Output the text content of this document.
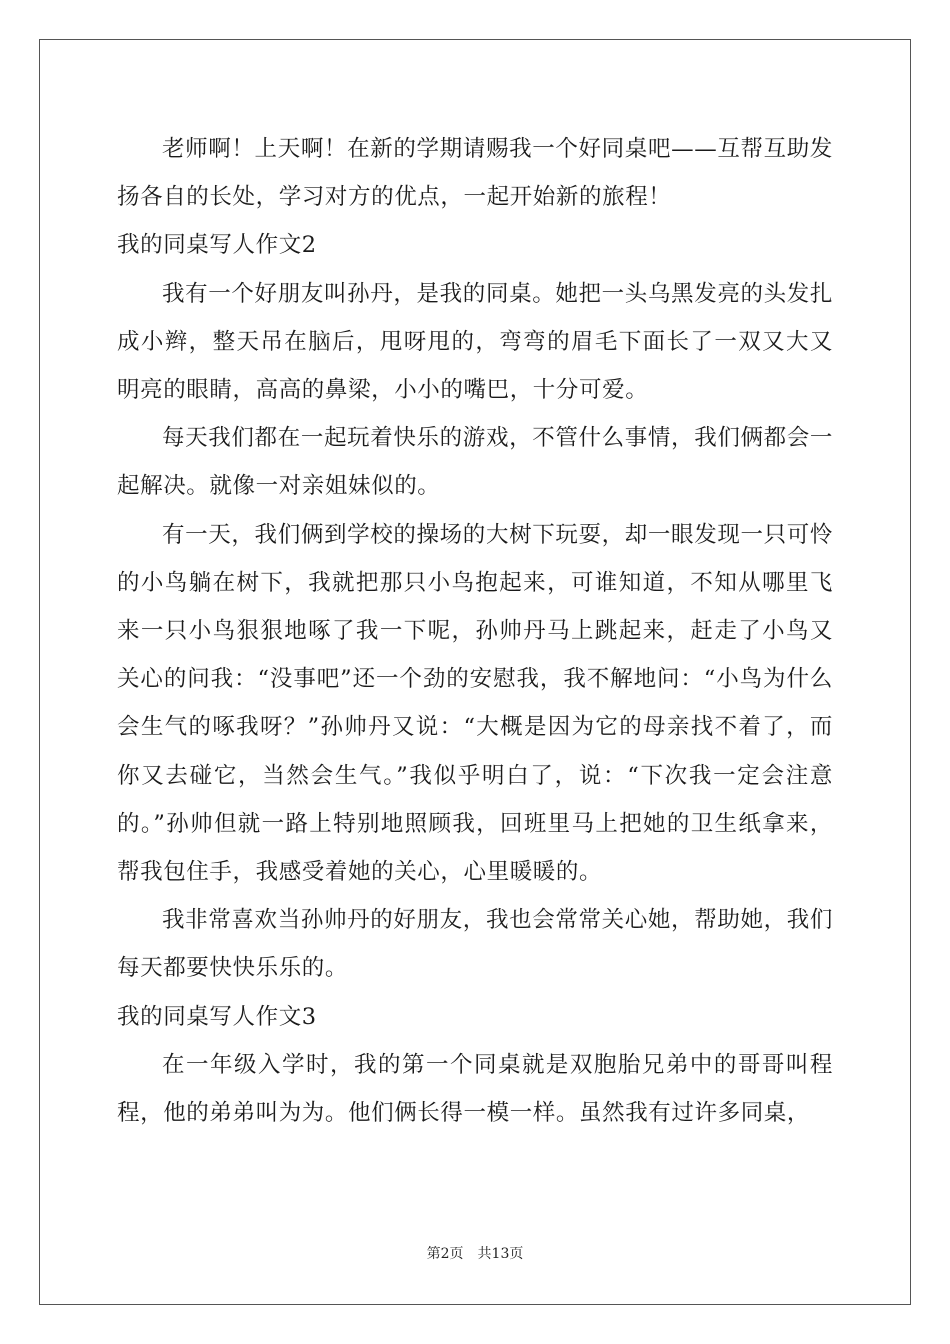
老师啊！上天啊！在新的学期请赐我一个好同桌吧——互帮互助发扬各自的长处，学习对方的优点，一起开始新的旅程！

我的同桌写人作文2

我有一个好朋友叫孙丹，是我的同桌。她把一头乌黑发亮的头发扎成小辫，整天吊在脑后，甩呀甩的，弯弯的眉毛下面长了一双又大又明亮的眼睛，高高的鼻梁，小小的嘴巴，十分可爱。

每天我们都在一起玩着快乐的游戏，不管什么事情，我们俩都会一起解决。就像一对亲姐妹似的。

有一天，我们俩到学校的操场的大树下玩耍，却一眼发现一只可怜的小鸟躺在树下，我就把那只小鸟抱起来，可谁知道，不知从哪里飞来一只小鸟狠狠地啄了我一下呢，孙帅丹马上跳起来，赶走了小鸟又关心的问我：“没事吧”还一个劲的安慰我，我不解地问：“小鸟为什么会生气的啄我呀？”孙帅丹又说：“大概是因为它的母亲找不着了，而你又去碰它，当然会生气。”我似乎明白了，说：“下次我一定会注意的。”孙帅但就一路上特别地照顾我，回班里马上把她的卫生纸拿来，帮我包住手，我感受着她的关心，心里暖暖的。

我非常喜欢当孙帅丹的好朋友，我也会常常关心她，帮助她，我们每天都要快快乐乐的。

我的同桌写人作文3

在一年级入学时，我的第一个同桌就是双胞胎兄弟中的哥哥叫程程，他的弟弟叫为为。他们俩长得一模一样。虽然我有过许多同桌，

第2页 共13页
